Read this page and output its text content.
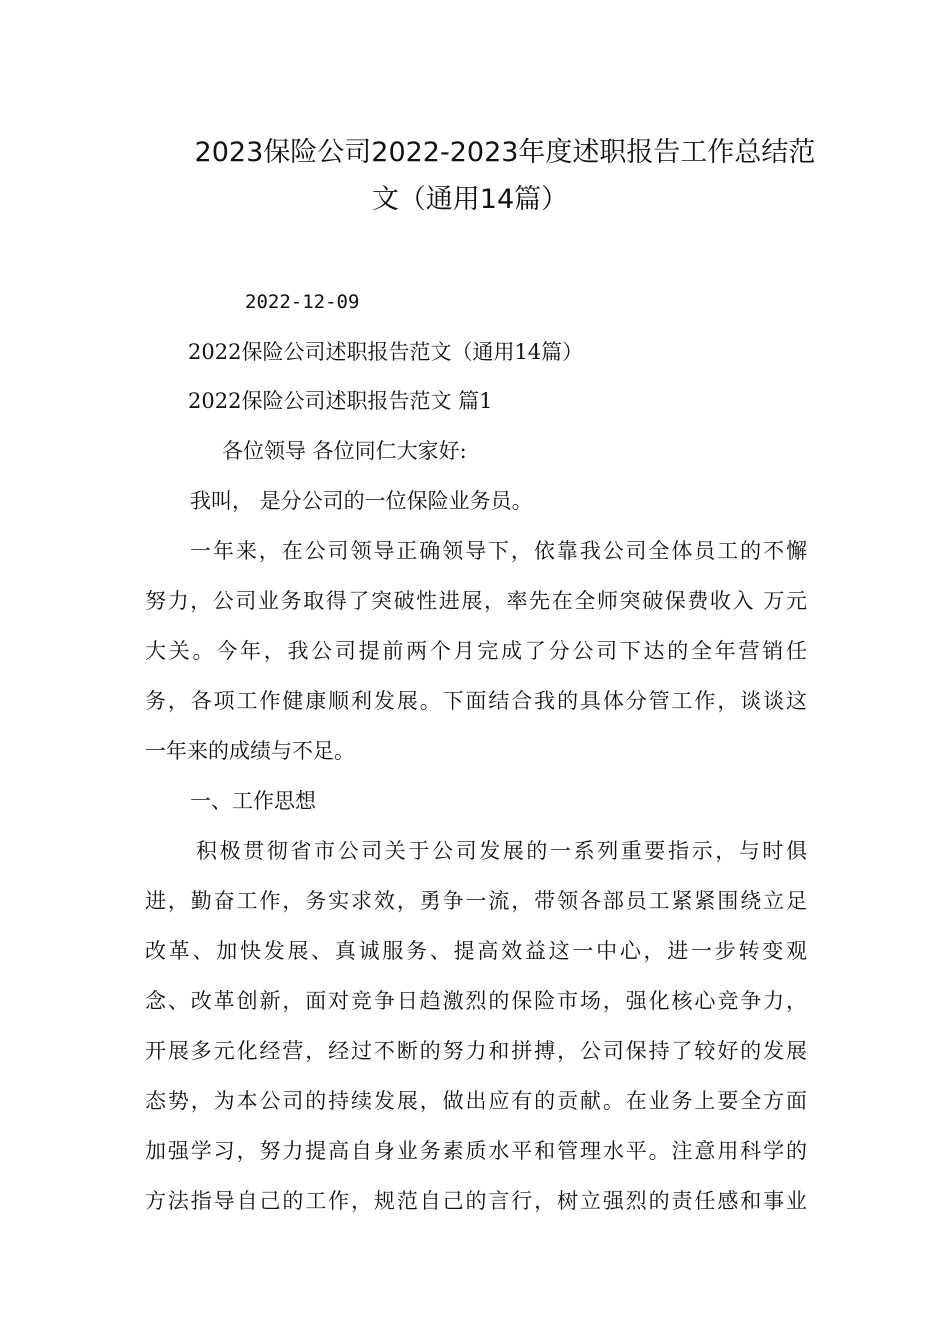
2023保险公司2022-2023年度述职报告工作总结范
文（通用14篇）
2022-12-09
2022保险公司述职报告范文（通用14篇）
2022保险公司述职报告范文 篇1
各位领导 各位同仁大家好:
我叫， 是分公司的一位保险业务员。
一年来，在公司领导正确领导下，依靠我公司全体员工的不懈
努力，公司业务取得了突破性进展，率先在全师突破保费收入 万元
大关。今年，我公司提前两个月完成了分公司下达的全年营销任
务，各项工作健康顺利发展。下面结合我的具体分管工作，谈谈这
一年来的成绩与不足。
一、工作思想
积极贯彻省市公司关于公司发展的一系列重要指示，与时俱
进，勤奋工作，务实求效，勇争一流，带领各部员工紧紧围绕立足
改革、加快发展、真诚服务、提高效益这一中心，进一步转变观
念、改革创新，面对竞争日趋激烈的保险市场，强化核心竞争力，
开展多元化经营，经过不断的努力和拼搏，公司保持了较好的发展
态势，为本公司的持续发展，做出应有的贡献。在业务上要全方面
加强学习，努力提高自身业务素质水平和管理水平。注意用科学的
方法指导自己的工作，规范自己的言行，树立强烈的责任感和事业
